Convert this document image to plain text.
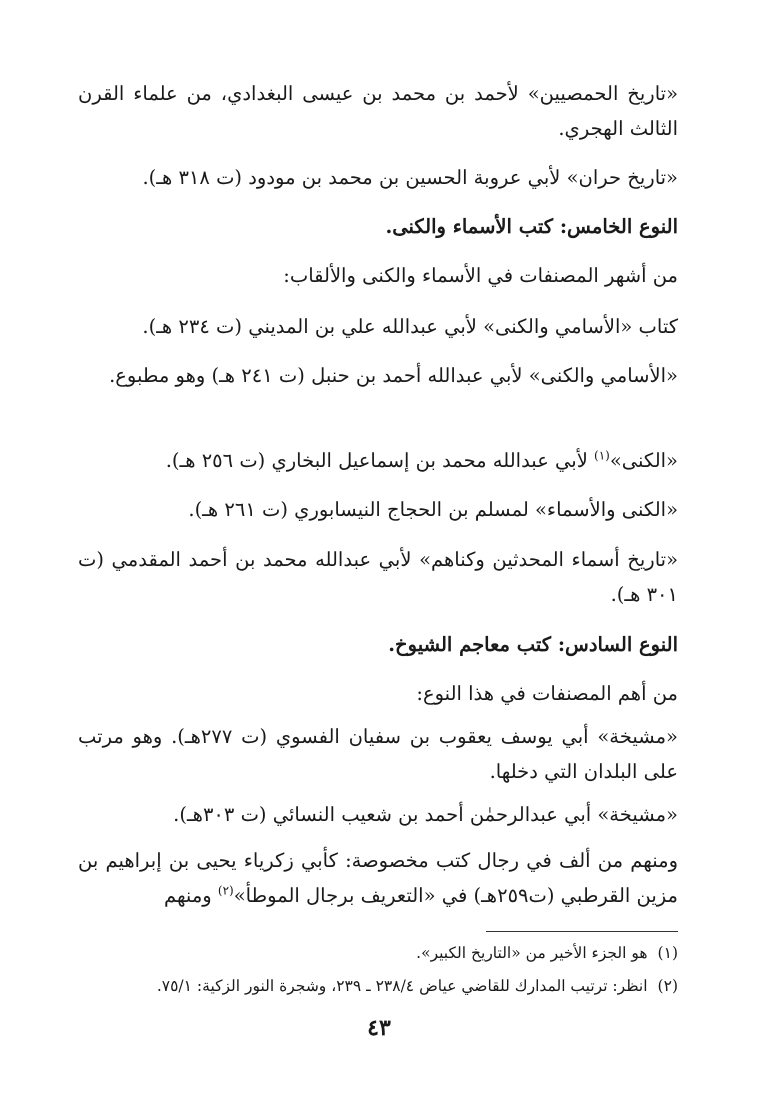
«تاريخ الحمصيين» لأحمد بن محمد بن عيسى البغدادي، من علماء القرن الثالث الهجري.
«تاريخ حران» لأبي عروبة الحسين بن محمد بن مودود (ت ٣١٨ هـ).
النوع الخامس: كتب الأسماء والكنى.
من أشهر المصنفات في الأسماء والكنى والألقاب:
كتاب «الأسامي والكنى» لأبي عبدالله علي بن المديني (ت ٢٣٤ هـ).
«الأسامي والكنى» لأبي عبدالله أحمد بن حنبل (ت ٢٤١ هـ) وهو مطبوع.
«الكنى»$^{(١)}$ لأبي عبدالله محمد بن إسماعيل البخاري (ت ٢٥٦ هـ).
«الكنى والأسماء» لمسلم بن الحجاج النيسابوري (ت ٢٦١ هـ).
«تاريخ أسماء المحدثين وكناهم» لأبي عبدالله محمد بن أحمد المقدمي (ت ٣٠١ هـ).
النوع السادس: كتب معاجم الشيوخ.
من أهم المصنفات في هذا النوع:
«مشيخة» أبي يوسف يعقوب بن سفيان الفسوي (ت ٢٧٧هـ). وهو مرتب على البلدان التي دخلها.
«مشيخة» أبي عبدالرحمٰن أحمد بن شعيب النسائي (ت ٣٠٣هـ).
ومنهم من ألف في رجال كتب مخصوصة: كأبي زكرياء يحيى بن إبراهيم بن مزين القرطبي (ت٢٥٩هـ) في «التعريف برجال الموطأ»$^{(٢)}$ ومنهم
(١)هو الجزء الأخير من «التاريخ الكبير».
(٢)انظر: ترتيب المدارك للقاضي عياض ٢٣٨/٤ ـ ٢٣٩، وشجرة النور الزكية: ٧٥/١.
٤٣
